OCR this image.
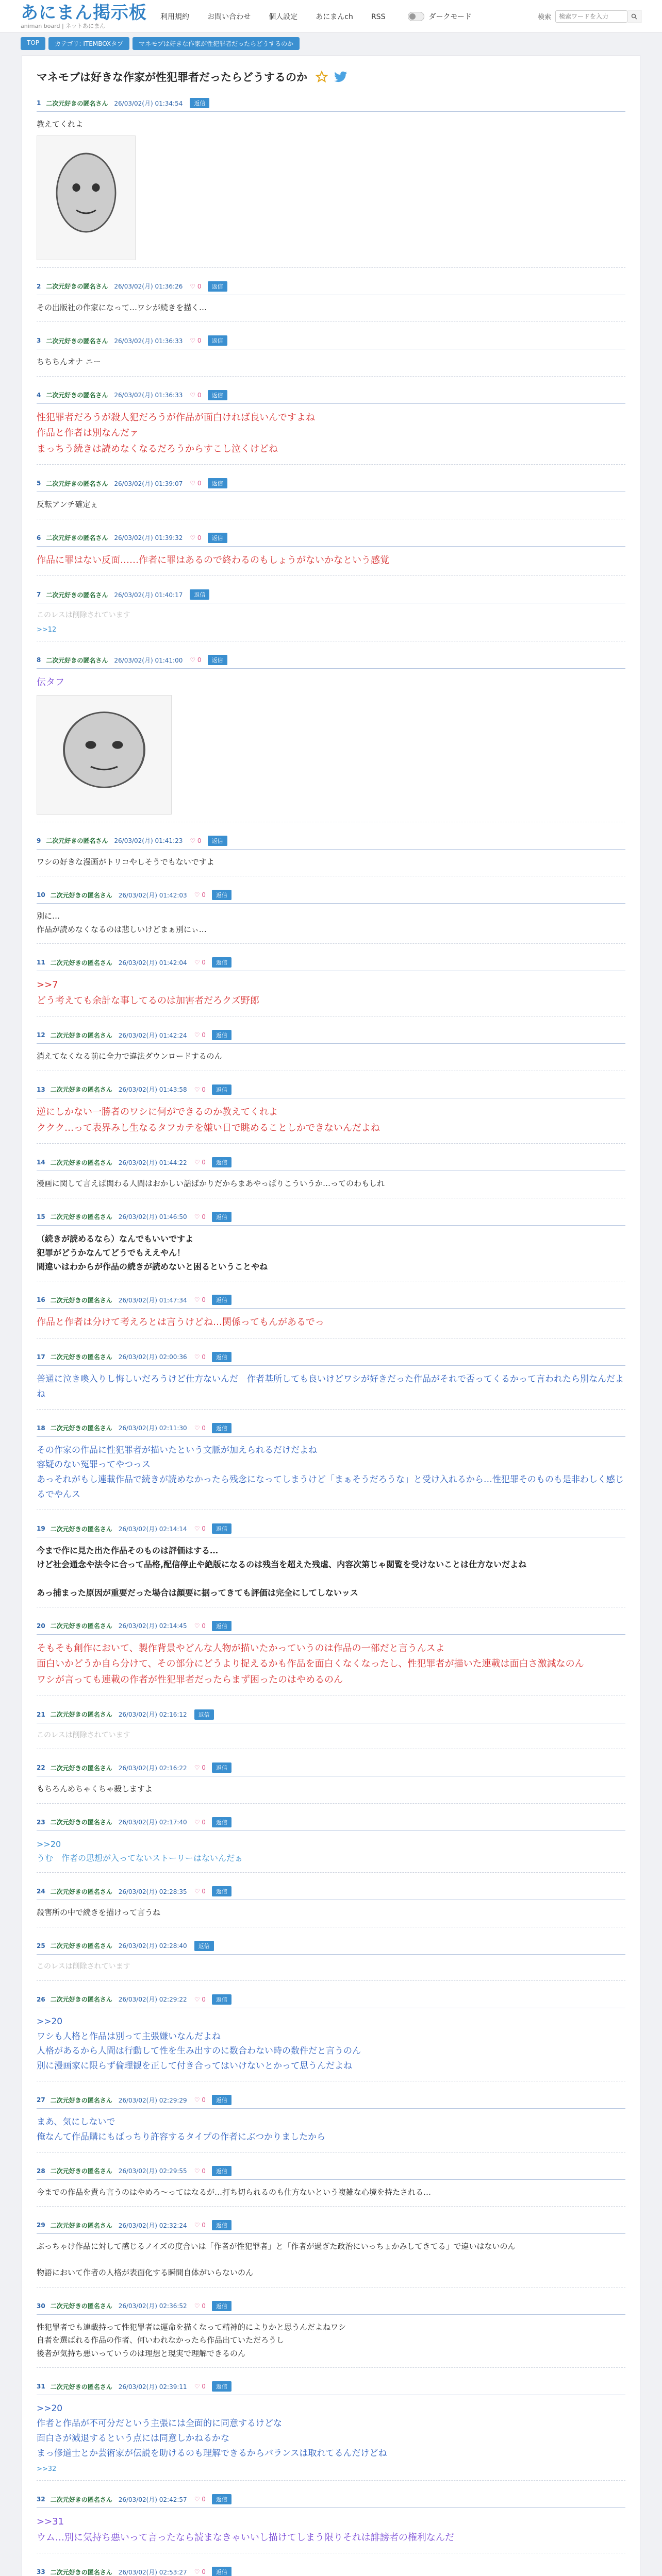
あにまん掲示板
animan board | ネットあにまん
利用規約	お問い合わせ	個人設定	あにまんch	RSS	ダークモード	検索
検索ワードを入力
TOP	カテゴリ: ITEMBOXタブ	マネモブは好きな作家が性犯罪者だったらどうするのか
マネモブは好きな作家が性犯罪者だったらどうするのか
1 二次元好きの匿名さん 26/03/02(月) 01:34:54	返信
教えてくれよ
2 二次元好きの匿名さん 26/03/02(月) 01:36:26 ♡ 0	返信
その出版社の作家になって…ワシが続きを描く…
3 二次元好きの匿名さん 26/03/02(月) 01:36:33 ♡ 0	返信
ちちちんオナ ニー
4 二次元好きの匿名さん 26/03/02(月) 01:36:33 ♡ 0	返信
性犯罪者だろうが殺人犯だろうが作品が面白ければ良いんですよね
作品と作者は別なんだァ
まっちう続きは読めなくなるだろうからすこし泣くけどね
5 二次元好きの匿名さん 26/03/02(月) 01:39:07 ♡ 0	返信
反転アンチ確定ぇ
6 二次元好きの匿名さん 26/03/02(月) 01:39:32 ♡ 0	返信
作品に罪はない反面……作者に罪はあるので終わるのもしょうがないかなという感覚
7 二次元好きの匿名さん 26/03/02(月) 01:40:17	返信
このレスは削除されています
>>12
8 二次元好きの匿名さん 26/03/02(月) 01:41:00 ♡ 0	返信
伝タフ
9 二次元好きの匿名さん 26/03/02(月) 01:41:23 ♡ 0	返信
ワシの好きな漫画がトリコやしそうでもないですよ
10 二次元好きの匿名さん 26/03/02(月) 01:42:03 ♡ 0	返信
別に…
作品が読めなくなるのは悲しいけどまぁ別にぃ…
11 二次元好きの匿名さん 26/03/02(月) 01:42:04 ♡ 0	返信
>>7
どう考えても余計な事してるのは加害者だろクズ野郎
12 二次元好きの匿名さん 26/03/02(月) 01:42:24 ♡ 0	返信
消えてなくなる前に全力で違法ダウンロードするのん
13 二次元好きの匿名さん 26/03/02(月) 01:43:58 ♡ 0	返信
逆にしかない一勝者のワシに何ができるのか教えてくれよ
ククク…って表界みし生なるタフカテを嫌い日で眺めることしかできないんだよね
14 二次元好きの匿名さん 26/03/02(月) 01:44:22 ♡ 0	返信
漫画に関して言えば関わる人間はおかしい話ばかりだからまあやっぱりこういうか…ってのわもしれ
15 二次元好きの匿名さん 26/03/02(月) 01:46:50 ♡ 0	返信
（続きが読めるなら）なんでもいいですよ
犯罪がどうかなんてどうでもええやん！
間違いはわからが作品の続きが読めないと困るということやね
16 二次元好きの匿名さん 26/03/02(月) 01:47:34 ♡ 0	返信
作品と作者は分けて考えろとは言うけどね…関係ってもんがあるでっ
17 二次元好きの匿名さん 26/03/02(月) 02:00:36 ♡ 0	返信
普通に泣き喚入りし悔しいだろうけど仕方ないんだ　作者基所しても良いけどワシが好きだった作品がそれで否ってくるかって言われたら別なんだよね
18 二次元好きの匿名さん 26/03/02(月) 02:11:30 ♡ 0	返信
その作家の作品に性犯罪者が描いたという文脈が加えられるだけだよね
容疑のない冤罪ってやつっス
あっそれがもし連載作品で続きが読めなかったら残念になってしまうけど「まぁそうだろうな」と受け入れるから…性犯罪そのものも是非わしく感じるでやんス
19 二次元好きの匿名さん 26/03/02(月) 02:14:14 ♡ 0	返信
今まで作に見た出た作品そのものは評価はする…
けど社会通念や法令に合って品格,配信停止や絶版になるのは残当を超えた残虐、内容次第じゃ閲覧を受けないことは仕方ないだよね

あっ捕まった原因が重要だった場合は顔要に据ってきても評価は完全にしてしないッス
20 二次元好きの匿名さん 26/03/02(月) 02:14:45 ♡ 0	返信
そもそも創作において、製作背景やどんな人物が描いたかっていうのは作品の一部だと言うんスよ
面白いかどうか自ら分けて、その部分にどうより捉えるかも作品を面白くなくなったし、性犯罪者が描いた連載は面白さ激減なのん
ワシが言っても連載の作者が性犯罪者だったらまず困ったのはやめるのん
21 二次元好きの匿名さん 26/03/02(月) 02:16:12	返信
このレスは削除されています
22 二次元好きの匿名さん 26/03/02(月) 02:16:22 ♡ 0	返信
もちろんめちゃくちゃ殺しますよ
23 二次元好きの匿名さん 26/03/02(月) 02:17:40 ♡ 0	返信
>>20
うむ　作者の思想が入ってないストーリーはないんだぁ
24 二次元好きの匿名さん 26/03/02(月) 02:28:35 ♡ 0	返信
殺害所の中で続きを描けって言うね
25 二次元好きの匿名さん 26/03/02(月) 02:28:40	返信
このレスは削除されています
26 二次元好きの匿名さん 26/03/02(月) 02:29:22 ♡ 0	返信
>>20
ワシも人格と作品は別って主張嫌いなんだよね
人格があるから人間は行動して性を生み出すのに数合わない時の数件だと言うのん
別に漫画家に限らず倫理観を正して付き合ってはいけないとかって思うんだよね
27 二次元好きの匿名さん 26/03/02(月) 02:29:29 ♡ 0	返信
まあ、気にしないで
俺なんて作品購にもばっちり許容するタイプの作者にぶつかりましたから
28 二次元好きの匿名さん 26/03/02(月) 02:29:55 ♡ 0	返信
今までの作品を責ら言うのはやめろ〜ってはなるが…打ち切られるのも仕方ないという複雑な心境を持たされる…
29 二次元好きの匿名さん 26/03/02(月) 02:32:24 ♡ 0	返信
ぶっちゃけ作品に対して感じるノイズの度合いは「作者が性犯罪者」と「作者が過ぎた政治にいっちょかみしてきてる」で違いはないのん

物語において作者の人格が表面化する瞬間自体がいらないのん
30 二次元好きの匿名さん 26/03/02(月) 02:36:52 ♡ 0	返信
性犯罪者でも連載持って性犯罪者は運命を描くなって精神的によりかと思うんだよねワシ
自者を選ばれる作品の作者、何いわれなかったら作品出ていただろうし
後者が気持ち悪いっていうのは理想と現実で理解できるのん
31 二次元好きの匿名さん 26/03/02(月) 02:39:11 ♡ 0	返信
>>20
作者と作品が不可分だという主張には全面的に同意するけどな
面白さが減退するという点には同意しかねるかな
まっ修道士とか芸術家が伝説を助けるのも理解できるからバランスは取れてるんだけどね
>>32
32 二次元好きの匿名さん 26/03/02(月) 02:42:57 ♡ 0	返信
>>31
ウム…別に気持ち悪いって言ったなら読まなきゃいいし描けてしまう限りそれは誹謗者の権利なんだ
33 二次元好きの匿名さん 26/03/02(月) 02:53:27 ♡ 0	返信
